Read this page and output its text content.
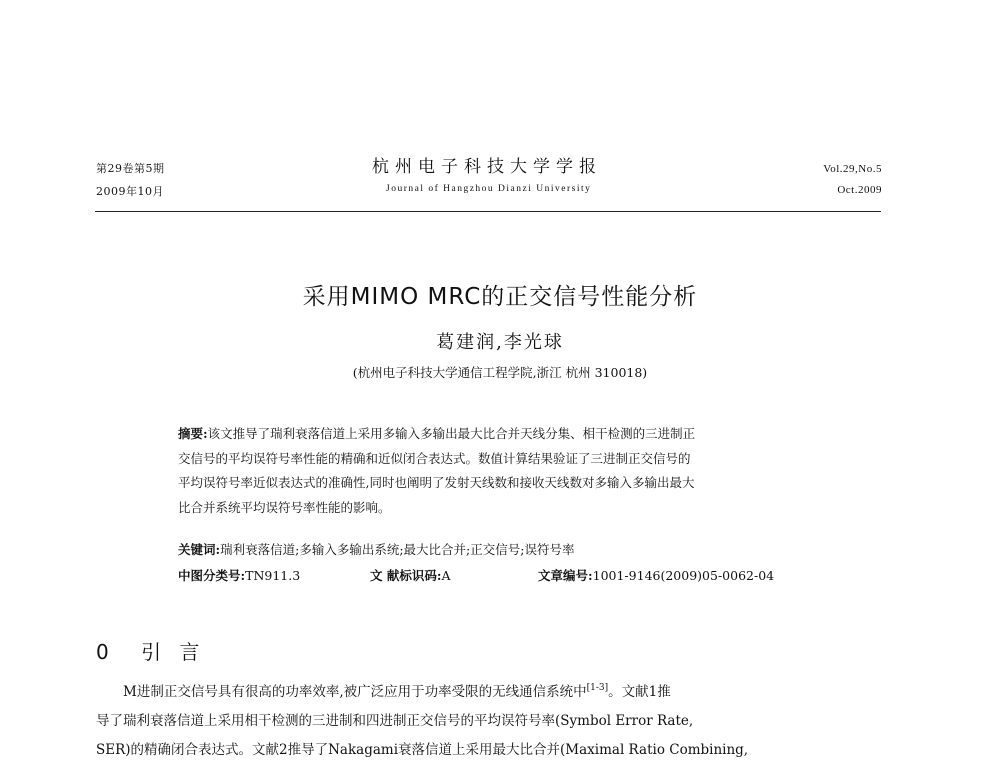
第29卷第5期
2009年10月
杭州电子科技大学学报
Journal of Hangzhou Dianzi University
Vol.29,No.5
Oct.2009
采用MIMO MRC的正交信号性能分析
葛建润,李光球
(杭州电子科技大学通信工程学院,浙江 杭州 310018)

摘要:该文推导了瑞利衰落信道上采用多输入多输出最大比合并天线分集、相干检测的三进制正

交信号的平均误符号率性能的精确和近似闭合表达式。数值计算结果验证了三进制正交信号的

平均误符号率近似表达式的准确性,同时也阐明了发射天线数和接收天线数对多输入多输出最大

比合并系统平均误符号率性能的影响。

关键词:瑞利衰落信道;多输入多输出系统;最大比合并;正交信号;误符号率
中图分类号:TN911.3	文 献标识码:A	文章编号:1001-9146(2009)05-0062-04
0 引 言

M进制正交信号具有很高的功率效率,被广泛应用于功率受限的无线通信系统中[1-3]。文献1推

导了瑞利衰落信道上采用相干检测的三进制和四进制正交信号的平均误符号率(Symbol Error Rate,

SER)的精确闭合表达式。文献2推导了Nakagami衰落信道上采用最大比合并(Maximal Ratio Combining,
